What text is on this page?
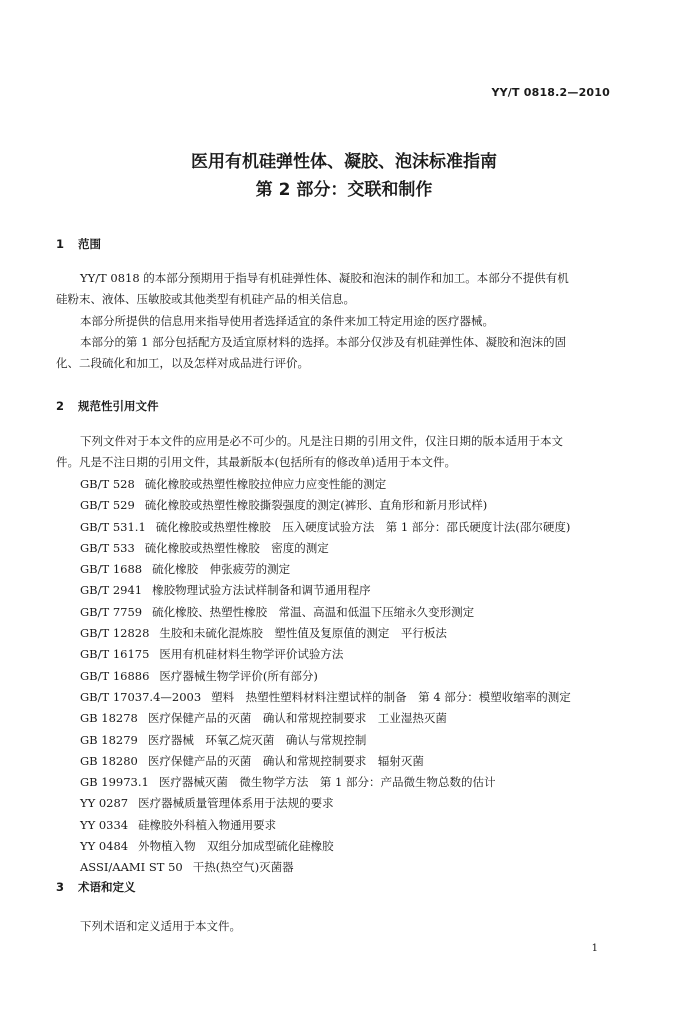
YY/T 0818.2—2010
医用有机硅弹性体、凝胶、泡沫标准指南
第 2 部分：交联和制作
1 范围
YY/T 0818 的本部分预期用于指导有机硅弹性体、凝胶和泡沫的制作和加工。本部分不提供有机
硅粉末、液体、压敏胶或其他类型有机硅产品的相关信息。
本部分所提供的信息用来指导使用者选择适宜的条件来加工特定用途的医疗器械。
本部分的第 1 部分包括配方及适宜原材料的选择。本部分仅涉及有机硅弹性体、凝胶和泡沫的固
化、二段硫化和加工，以及怎样对成品进行评价。
2 规范性引用文件
下列文件对于本文件的应用是必不可少的。凡是注日期的引用文件，仅注日期的版本适用于本文
件。凡是不注日期的引用文件，其最新版本(包括所有的修改单)适用于本文件。
GB/T 528 硫化橡胶或热塑性橡胶拉伸应力应变性能的测定
GB/T 529 硫化橡胶或热塑性橡胶撕裂强度的测定(裤形、直角形和新月形试样)
GB/T 531.1 硫化橡胶或热塑性橡胶　压入硬度试验方法　第 1 部分：邵氏硬度计法(邵尔硬度)
GB/T 533 硫化橡胶或热塑性橡胶　密度的测定
GB/T 1688 硫化橡胶　伸张疲劳的测定
GB/T 2941 橡胶物理试验方法试样制备和调节通用程序
GB/T 7759 硫化橡胶、热塑性橡胶　常温、高温和低温下压缩永久变形测定
GB/T 12828 生胶和未硫化混炼胶　塑性值及复原值的测定　平行板法
GB/T 16175 医用有机硅材料生物学评价试验方法
GB/T 16886 医疗器械生物学评价(所有部分)
GB/T 17037.4—2003 塑料　热塑性塑料材料注塑试样的制备　第 4 部分：模塑收缩率的测定
GB 18278 医疗保健产品的灭菌　确认和常规控制要求　工业湿热灭菌
GB 18279 医疗器械　环氧乙烷灭菌　确认与常规控制
GB 18280 医疗保健产品的灭菌　确认和常规控制要求　辐射灭菌
GB 19973.1 医疗器械灭菌　微生物学方法　第 1 部分：产品微生物总数的估计
YY 0287 医疗器械质量管理体系用于法规的要求
YY 0334 硅橡胶外科植入物通用要求
YY 0484 外物植入物　双组分加成型硫化硅橡胶
ASSI/AAMI ST 50 干热(热空气)灭菌器
3 术语和定义
下列术语和定义适用于本文件。
1
